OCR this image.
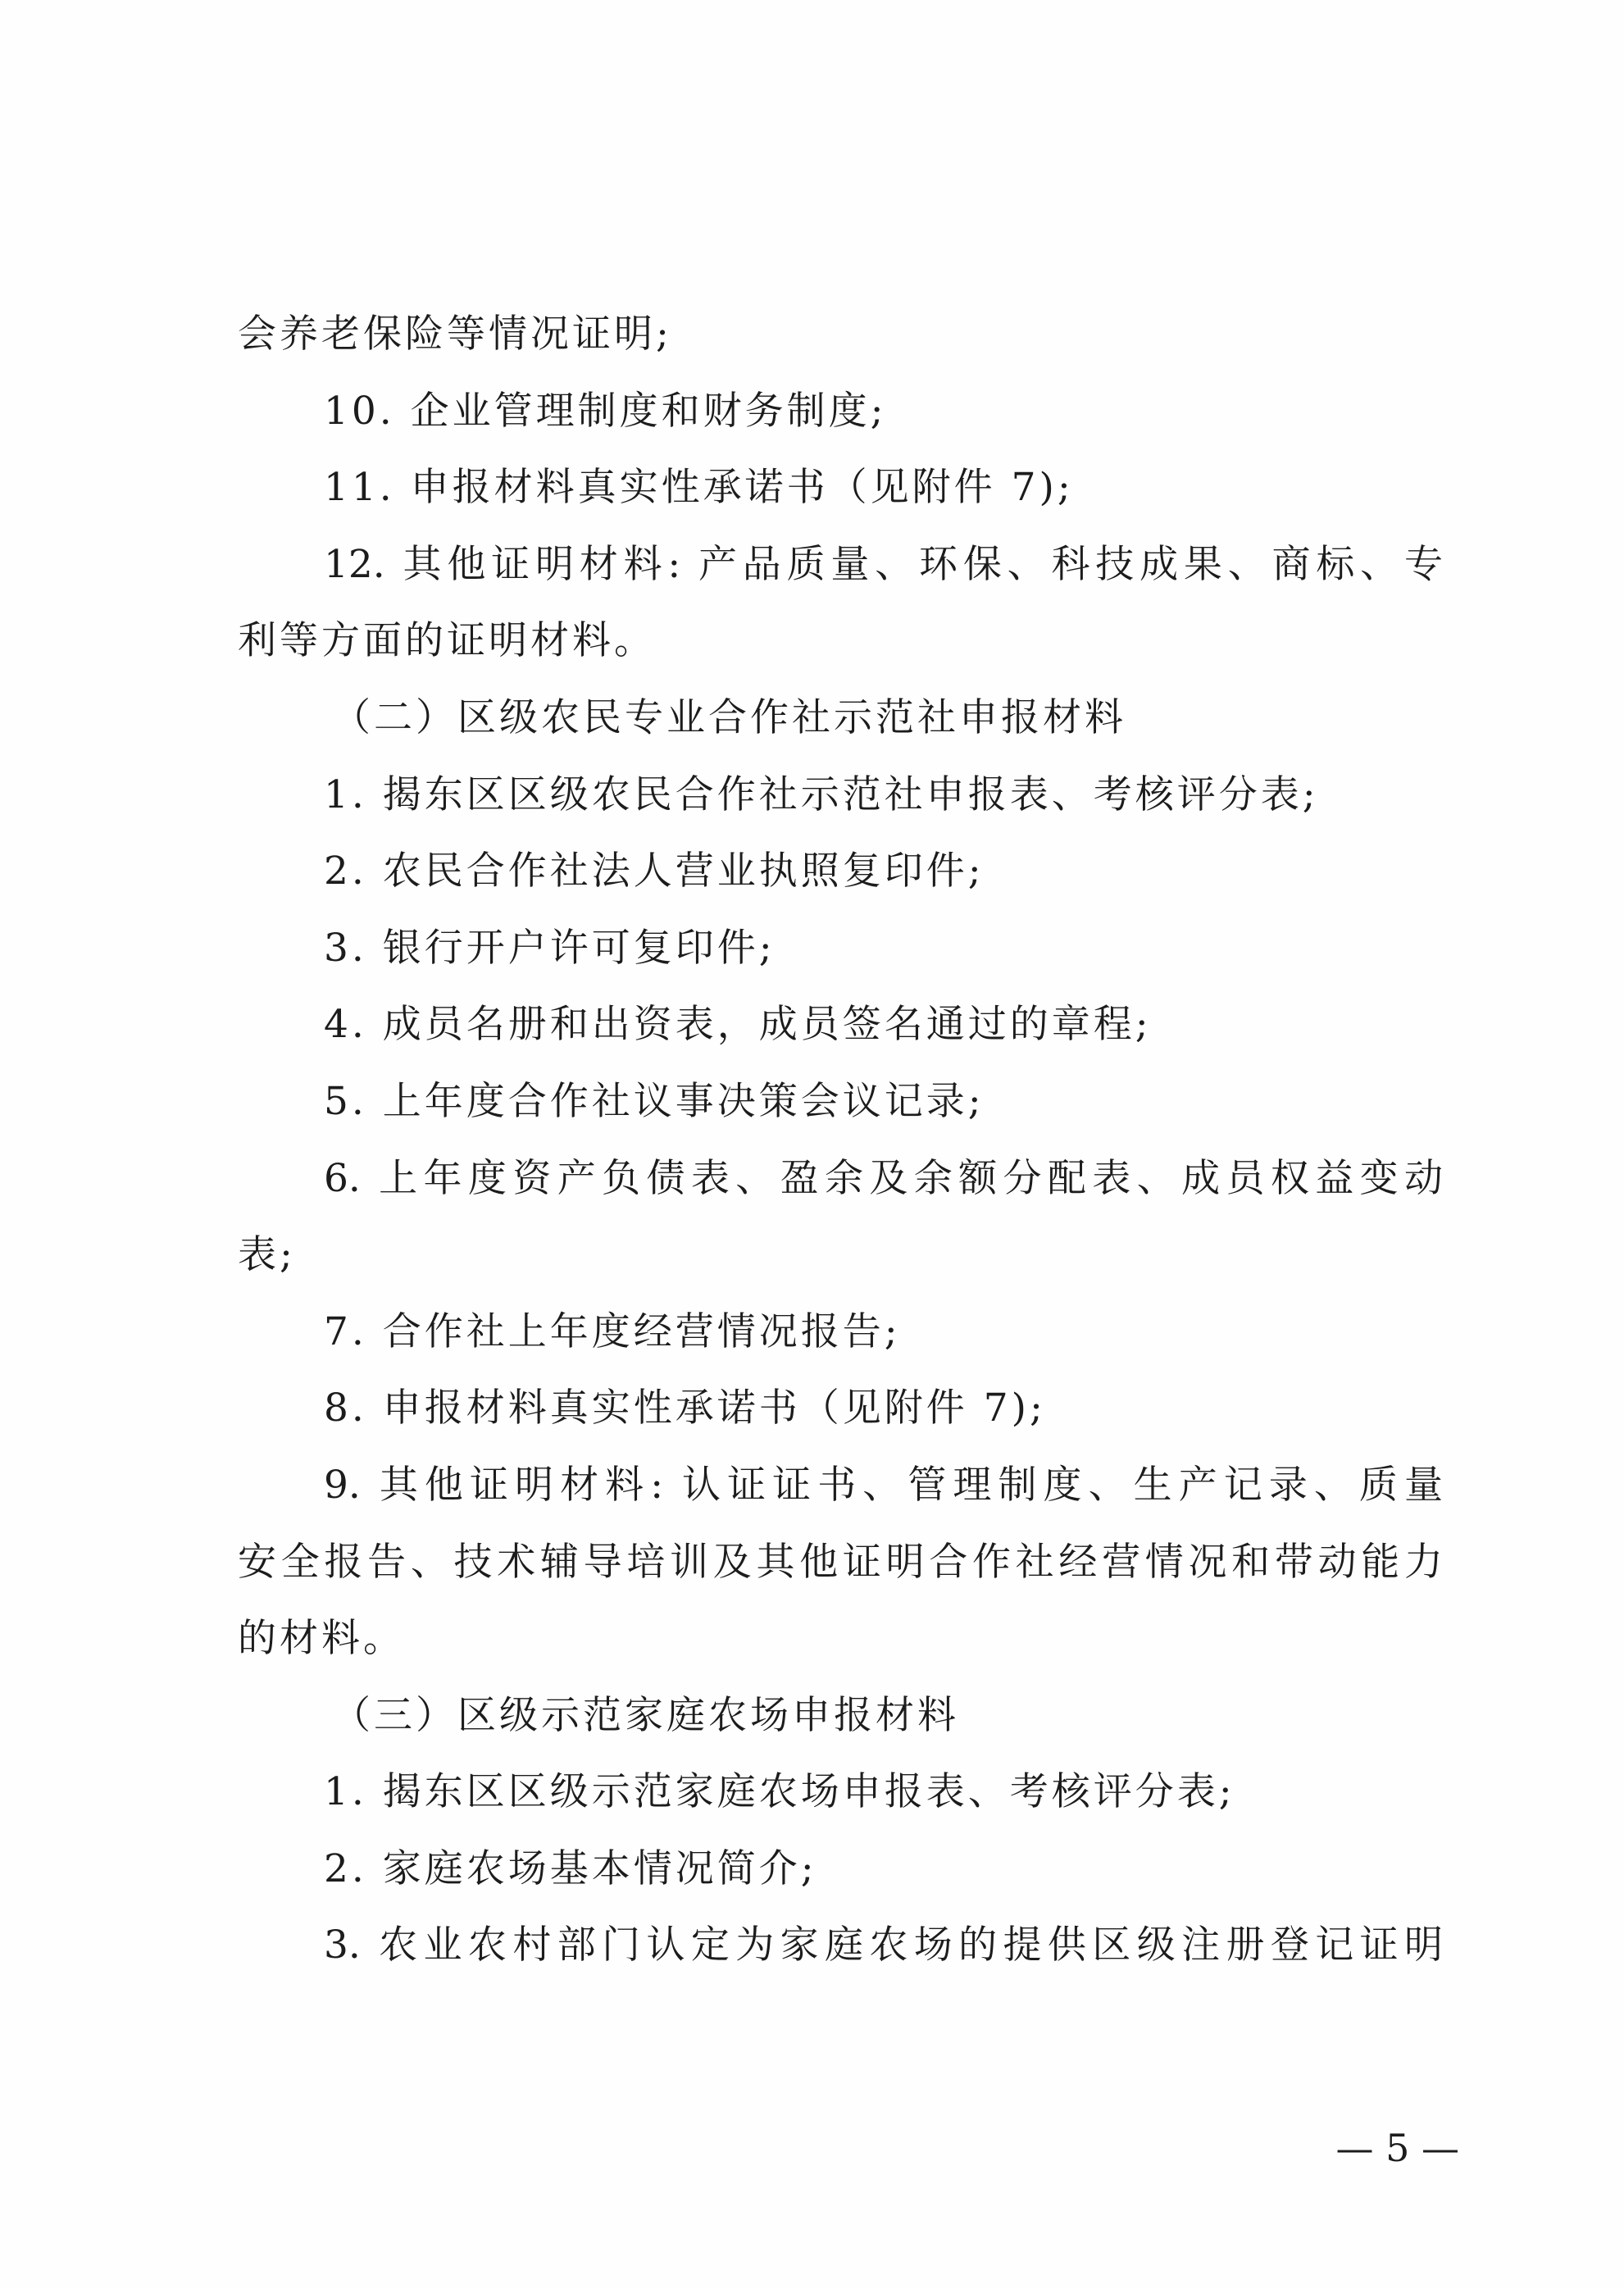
会养老保险等情况证明;
10. 企业管理制度和财务制度;
11. 申报材料真实性承诺书（见附件 7);
12. 其他证明材料: 产品质量、环保、科技成果、商标、专
利等方面的证明材料。
（二）区级农民专业合作社示范社申报材料
1. 揭东区区级农民合作社示范社申报表、考核评分表;
2. 农民合作社法人营业执照复印件;
3. 银行开户许可复印件;
4. 成员名册和出资表，成员签名通过的章程;
5. 上年度合作社议事决策会议记录;
6. 上年度资产负债表、盈余及余额分配表、成员权益变动
表;
7. 合作社上年度经营情况报告;
8. 申报材料真实性承诺书（见附件 7);
9. 其他证明材料: 认证证书、管理制度、生产记录、质量
安全报告、技术辅导培训及其他证明合作社经营情况和带动能力
的材料。
（三）区级示范家庭农场申报材料
1. 揭东区区级示范家庭农场申报表、考核评分表;
2. 家庭农场基本情况简介;
3. 农业农村部门认定为家庭农场的提供区级注册登记证明
— 5 —
